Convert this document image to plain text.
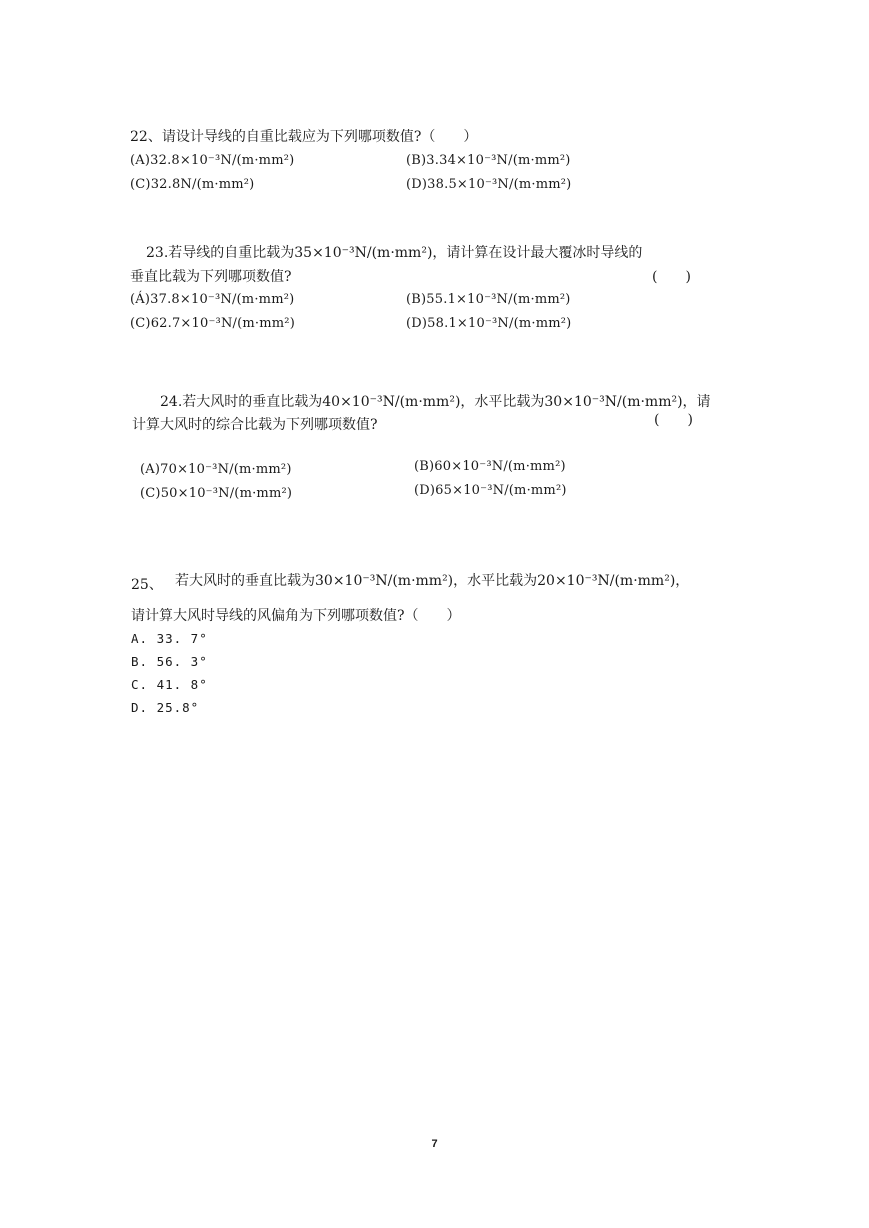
22、请设计导线的自重比载应为下列哪项数值?（　　）
(A)32.8×10⁻³N/(m·mm²)	(B)3.34×10⁻³N/(m·mm²)
(C)32.8N/(m·mm²)	(D)38.5×10⁻³N/(m·mm²)
23.若导线的自重比载为35×10⁻³N/(m·mm²)，请计算在设计最大覆冰时导线的
垂直比载为下列哪项数值?	(　　)
(Á)37.8×10⁻³N/(m·mm²)	(B)55.1×10⁻³N/(m·mm²)
(C)62.7×10⁻³N/(m·mm²)	(D)58.1×10⁻³N/(m·mm²)
24.若大风时的垂直比载为40×10⁻³N/(m·mm²)，水平比载为30×10⁻³N/(m·mm²)，请
计算大风时的综合比载为下列哪项数值?	(　　)
(A)70×10⁻³N/(m·mm²)	(B)60×10⁻³N/(m·mm²)
(C)50×10⁻³N/(m·mm²)	(D)65×10⁻³N/(m·mm²)
25、 若大风时的垂直比载为30×10⁻³N/(m·mm²)，水平比载为20×10⁻³N/(m·mm²)，
请计算大风时导线的风偏角为下列哪项数值?（　　）
A. 33. 7°
B. 56. 3°
C. 41. 8°
D. 25.8°
7
